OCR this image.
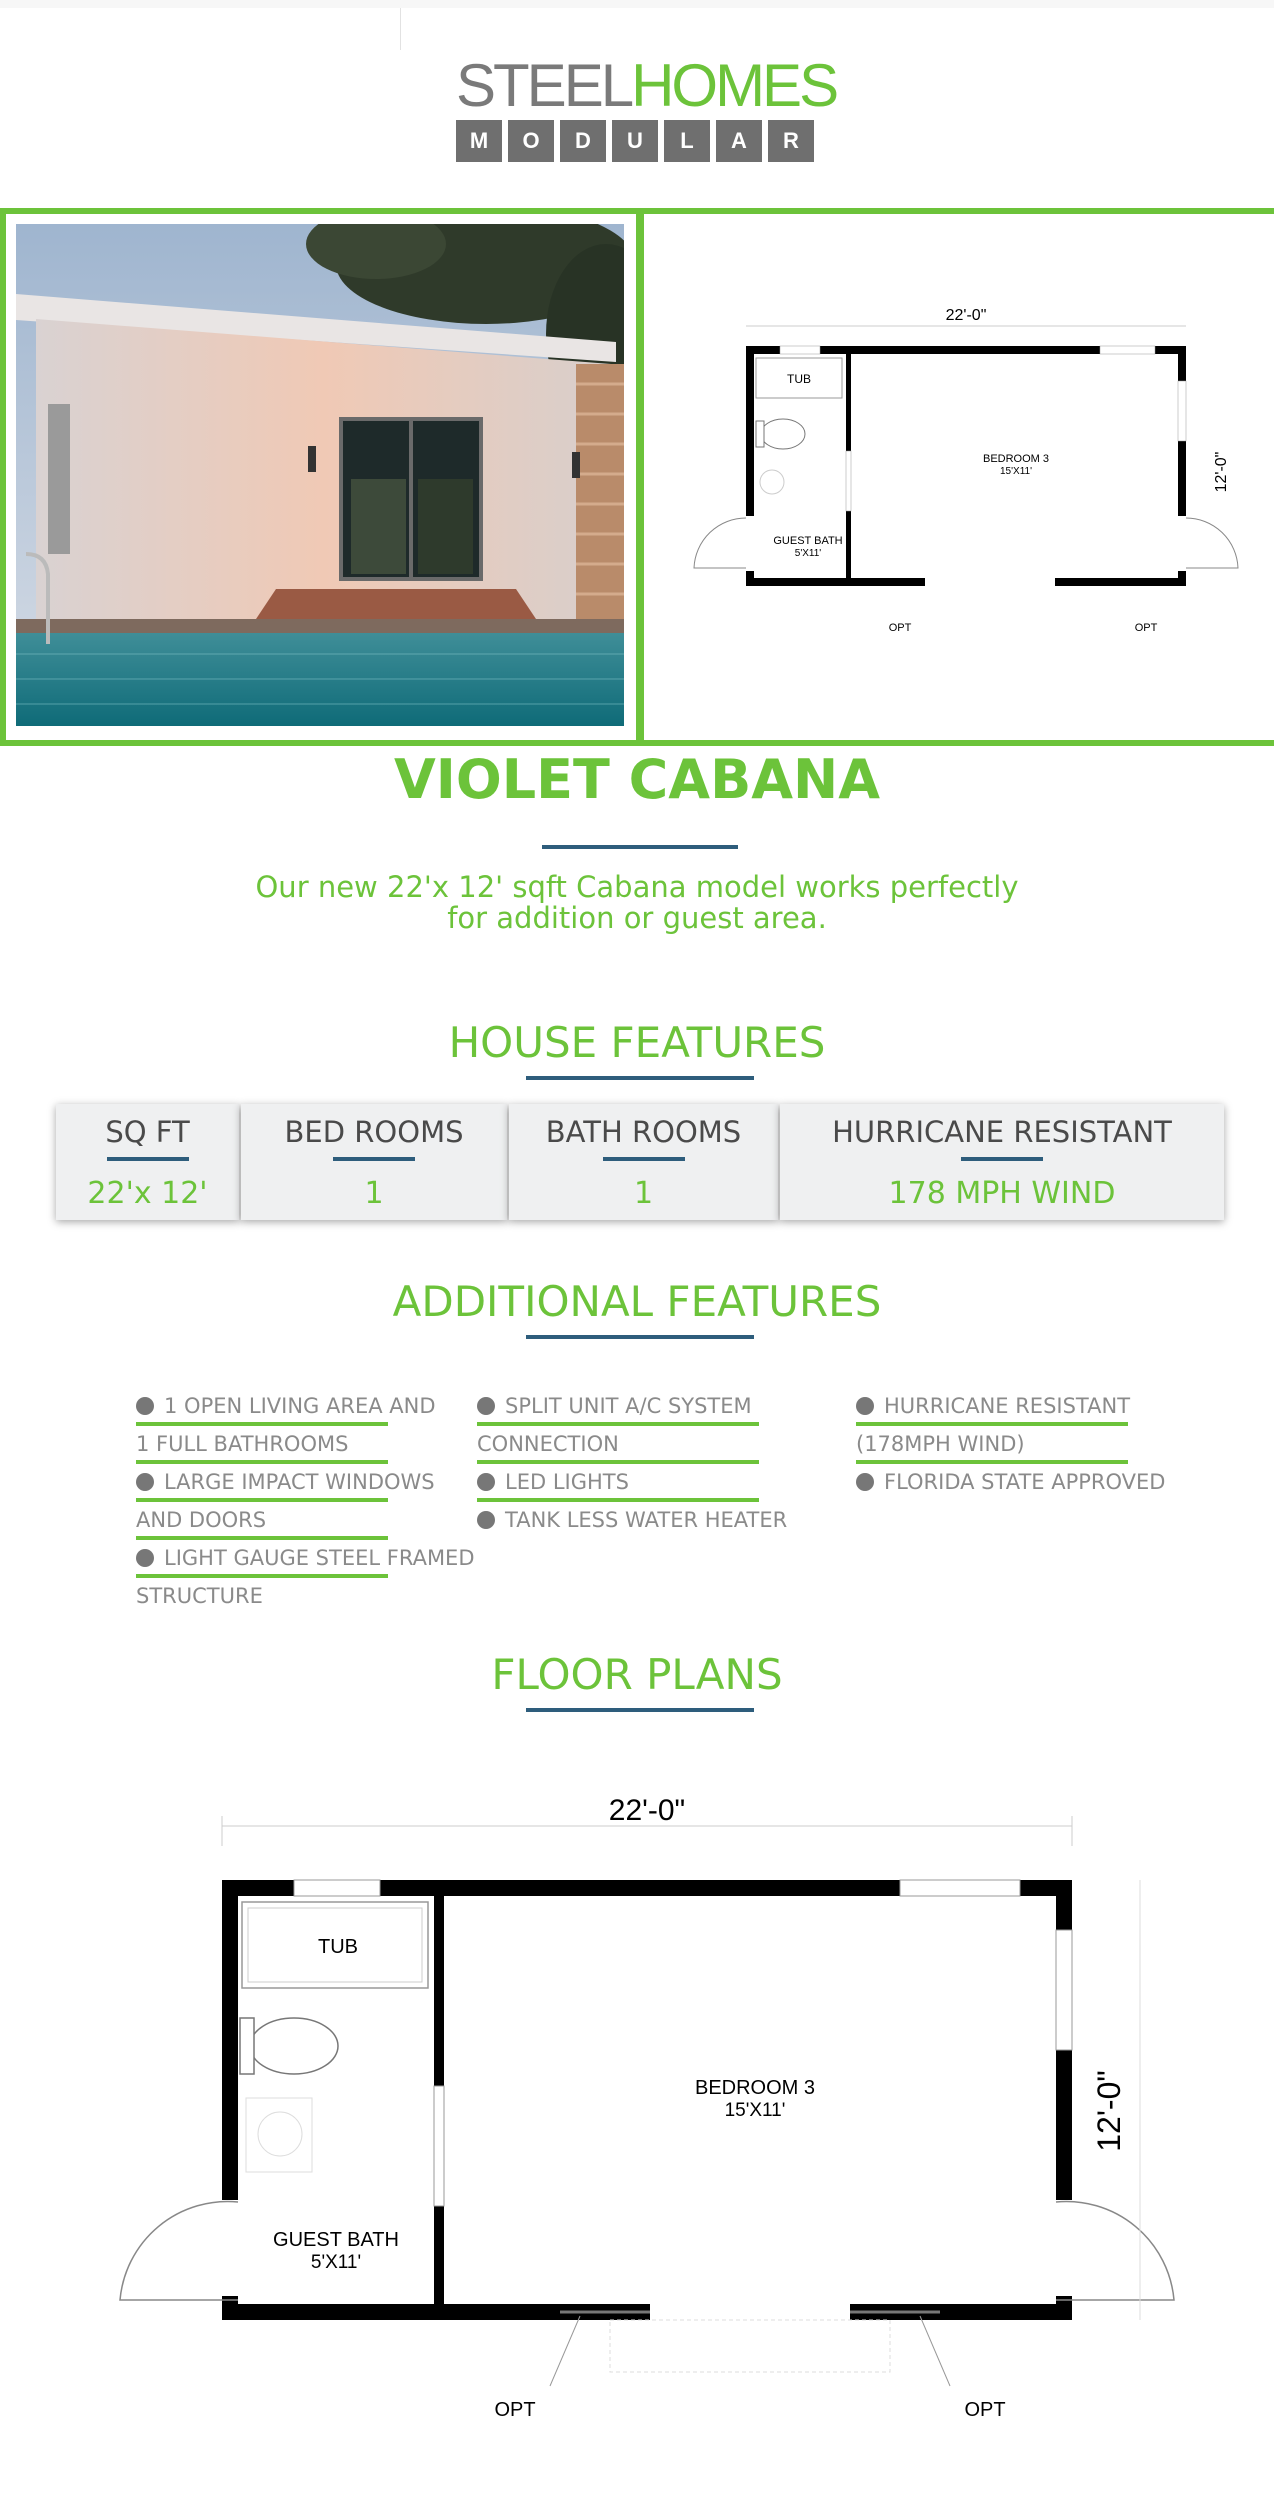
STEELHOMES
M	O	D	U	L	A	R
22'-0"
TUB
BEDROOM 3
15'X11'
GUEST BATH
5'X11'
12'-0"
OPT	OPT
VIOLET CABANA
Our new 22'x 12' sqft Cabana model works perfectly
for addition or guest area.
HOUSE FEATURES
SQ FT
22'x 12'
BED ROOMS
1
BATH ROOMS
1
HURRICANE RESISTANT
178 MPH WIND
ADDITIONAL FEATURES
1 OPEN LIVING AREA AND
1 FULL BATHROOMS
LARGE IMPACT WINDOWS
AND DOORS
LIGHT GAUGE STEEL FRAMED
STRUCTURE
SPLIT UNIT A/C SYSTEM
CONNECTION
LED LIGHTS
TANK LESS WATER HEATER
HURRICANE RESISTANT
(178MPH WIND)
FLORIDA STATE APPROVED
FLOOR PLANS
22'-0"
TUB
BEDROOM 3
15'X11'
GUEST BATH
5'X11'
12'-0"
OPT	OPT
